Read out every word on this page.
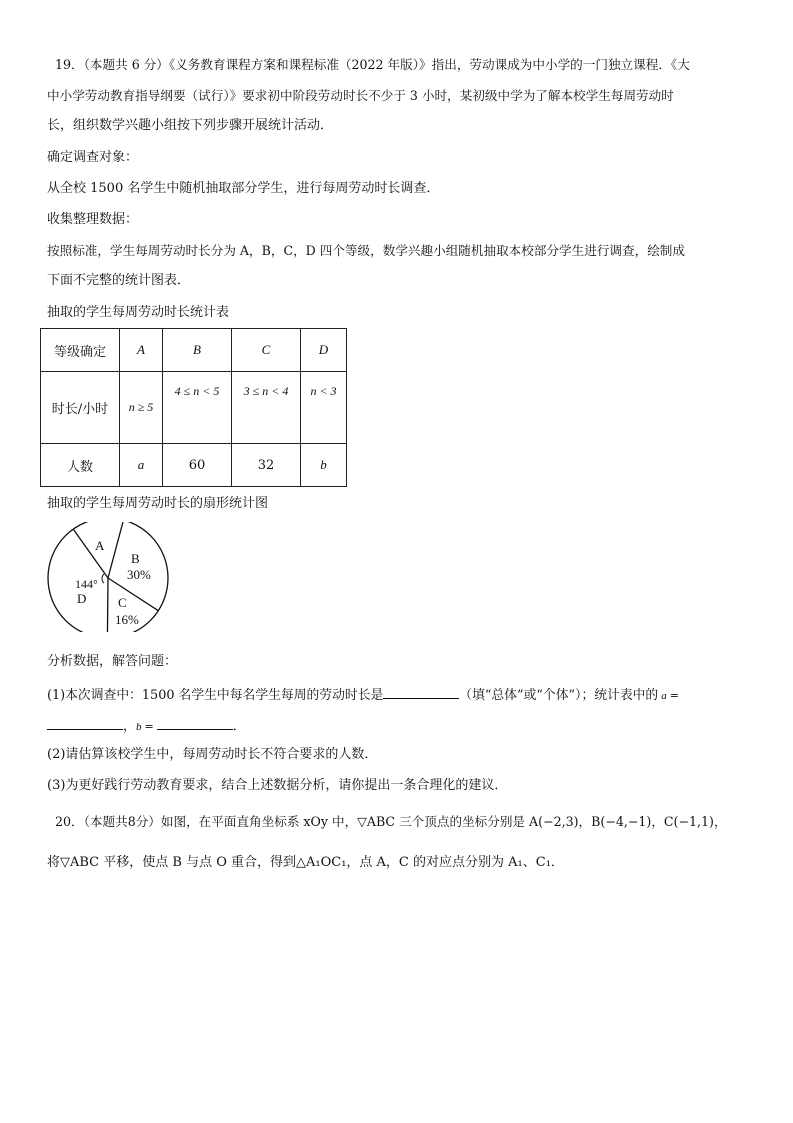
19．（本题共 6 分）《义务教育课程方案和课程标准（2022 年版）》指出，劳动课成为中小学的一门独立课程．《大
中小学劳动教育指导纲要（试行）》要求初中阶段劳动时长不少于 3 小时，某初级中学为了解本校学生每周劳动时
长，组织数学兴趣小组按下列步骤开展统计活动．
确定调查对象：
从全校 1500 名学生中随机抽取部分学生，进行每周劳动时长调查．
收集整理数据：
按照标准，学生每周劳动时长分为 A，B，C，D 四个等级，数学兴趣小组随机抽取本校部分学生进行调查，绘制成
下面不完整的统计图表．
抽取的学生每周劳动时长统计表
等级确定	A	B	C	D
时长/小时	n ≥ 5	4 ≤ n < 5	3 ≤ n < 4	n < 3
人数	a	60	32	b
抽取的学生每周劳动时长的扇形统计图
A
B
30%
144°
D C
16%
分析数据，解答问题：
(1)本次调查中：1500 名学生中每名学生每周的劳动时长是	（填“总体”或“个体”）；统计表中的 a =
，b =	．
(2)请估算该校学生中，每周劳动时长不符合要求的人数．
(3)为更好践行劳动教育要求，结合上述数据分析，请你提出一条合理化的建议．
20．（本题共8分）如图，在平面直角坐标系 xOy 中，▽ABC 三个顶点的坐标分别是 A(−2,3)，B(−4,−1)，C(−1,1)，
将▽ABC 平移，使点 B 与点 O 重合，得到△A₁OC₁，点 A，C 的对应点分别为 A₁、C₁．
